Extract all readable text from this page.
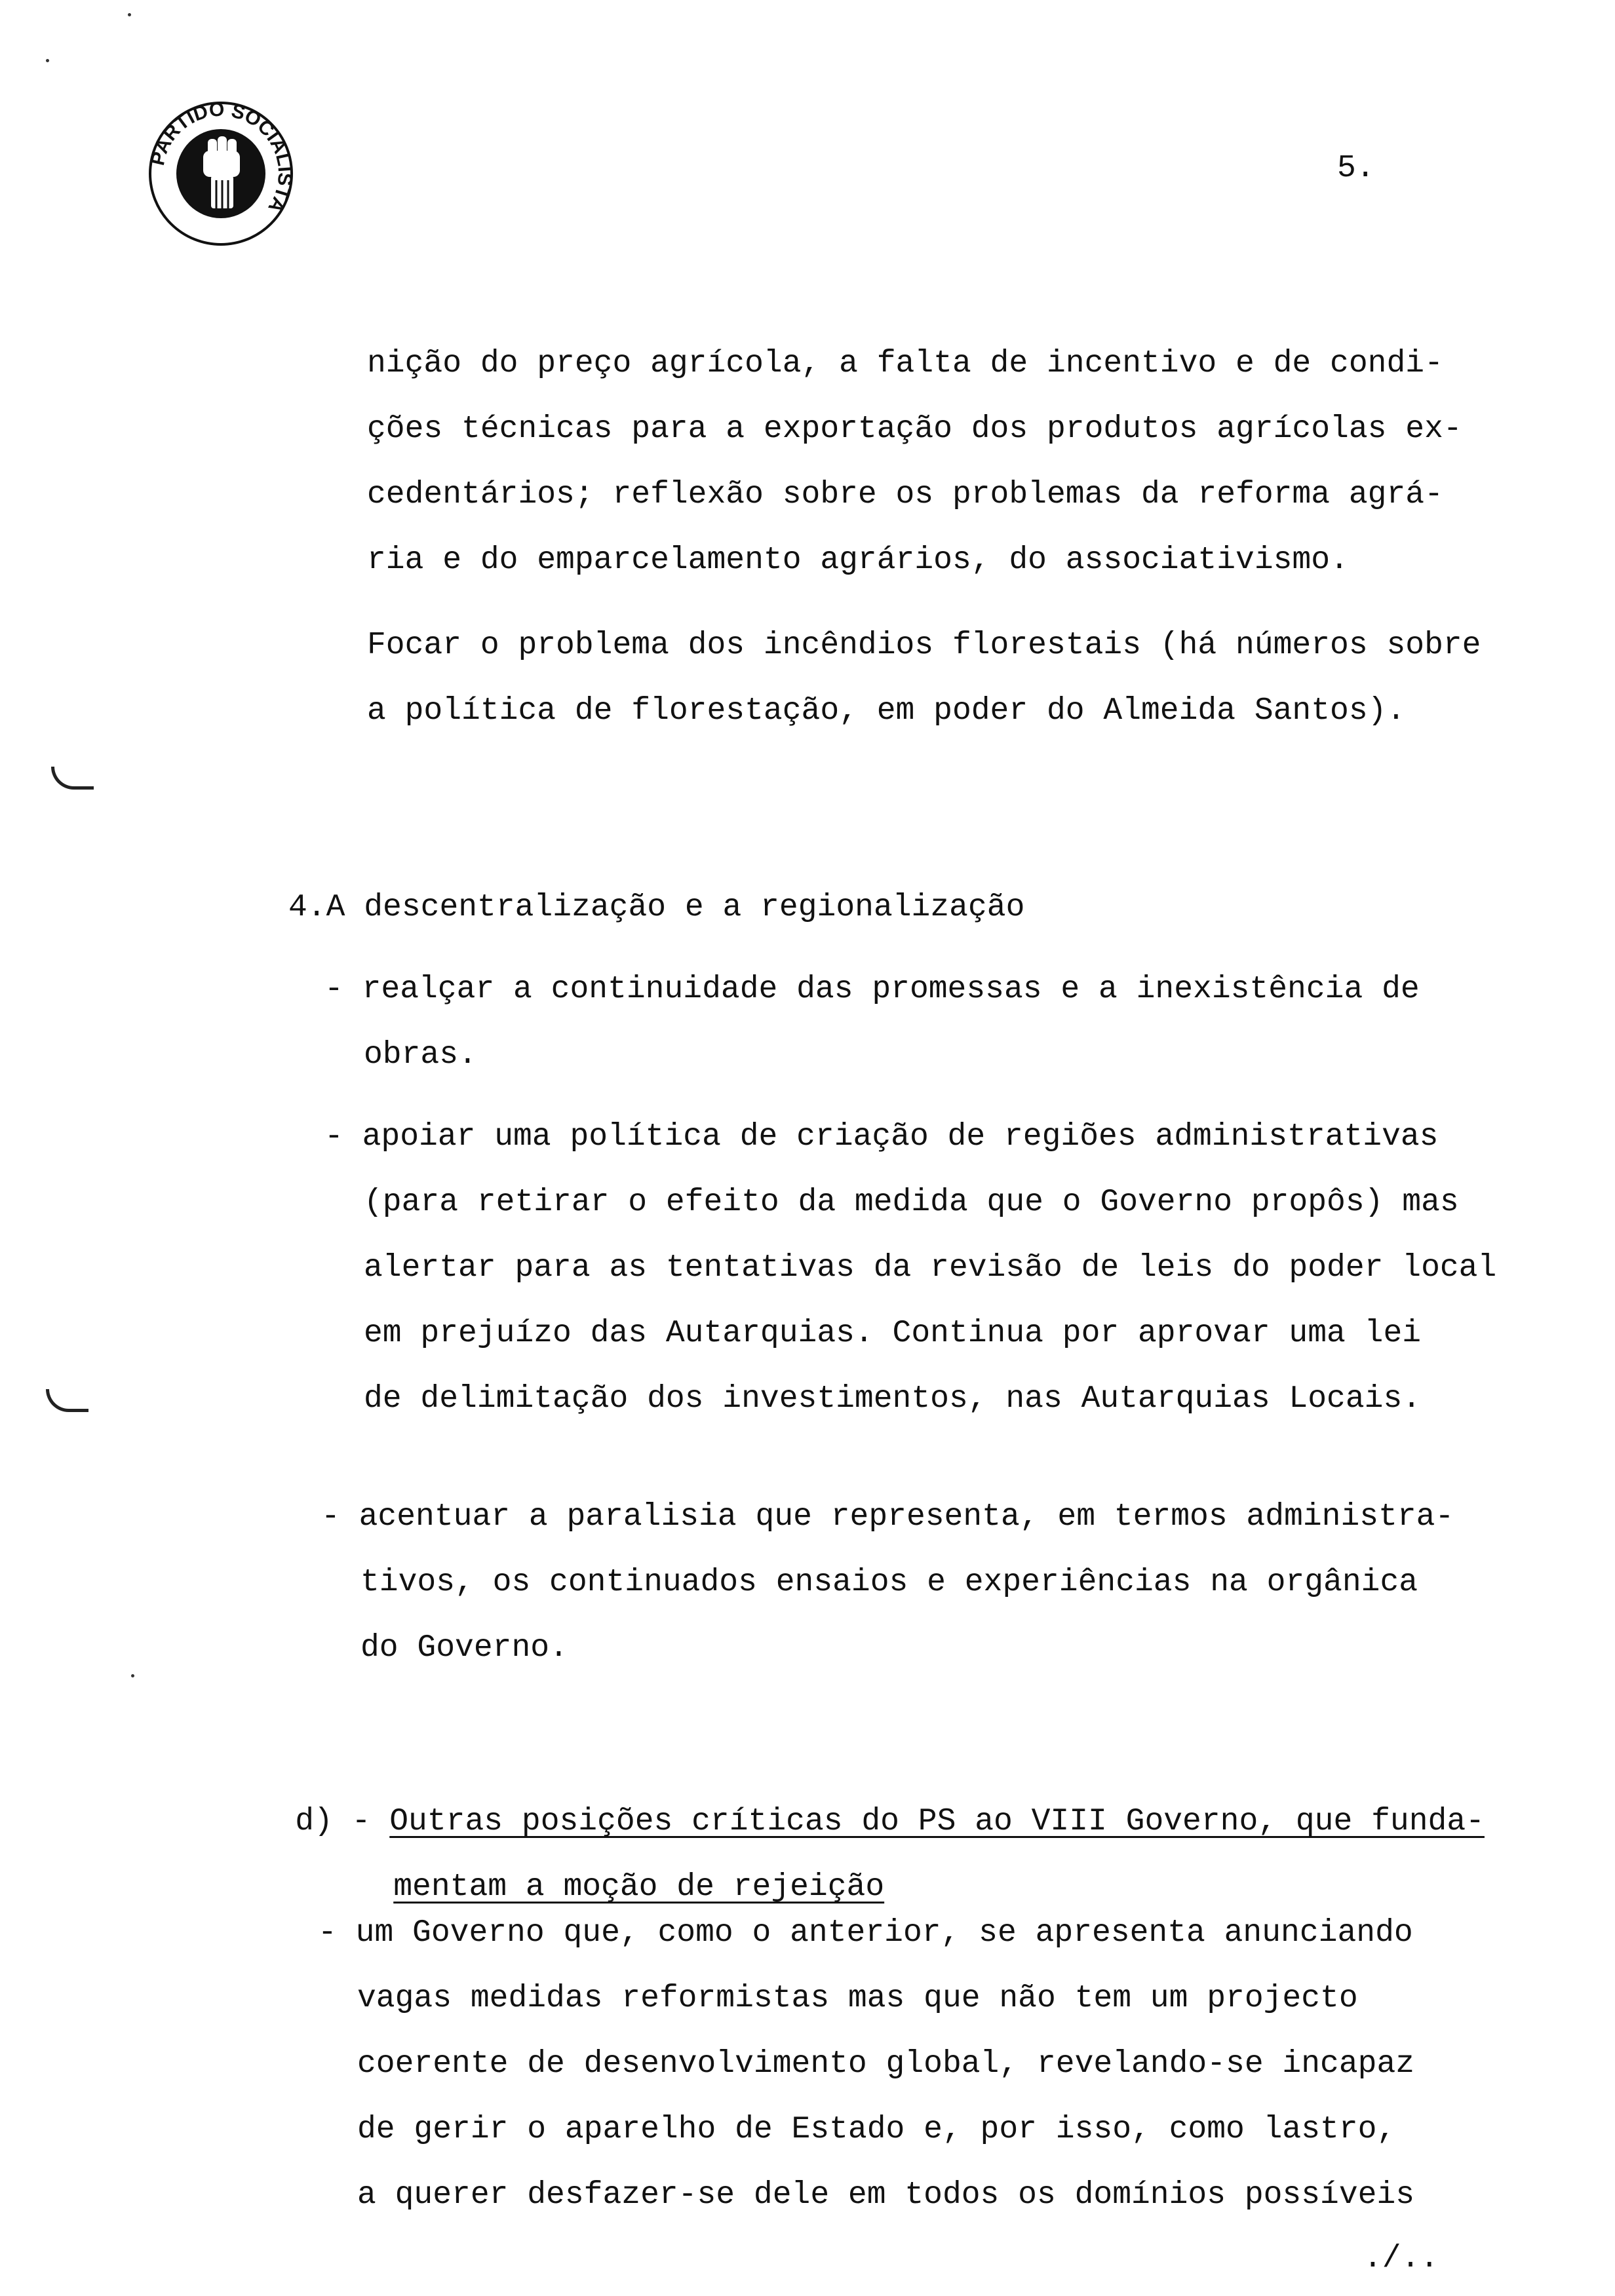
PARTIDO SOCIALISTA
5.
nição do preço agrícola, a falta de incentivo e de condi-
ções técnicas para a exportação dos produtos agrícolas ex-
cedentários; reflexão sobre os problemas da reforma agrá-
ria e do emparcelamento agrários, do associativismo.
Focar o problema dos incêndios florestais (há números sobre
a política de florestação, em poder do Almeida Santos).
4.A descentralização e a regionalização
- realçar a continuidade das promessas e a inexistência de
obras.
- apoiar uma política de criação de regiões administrativas
(para retirar o efeito da medida que o Governo propôs) mas
alertar para as tentativas da revisão de leis do poder local
em prejuízo das Autarquias. Continua por aprovar uma lei
de delimitação dos investimentos, nas Autarquias Locais.
- acentuar a paralisia que representa, em termos administra-
tivos, os continuados ensaios e experiências na orgânica
do Governo.

d) - Outras posições críticas do PS ao VIII Governo, que funda-

mentam a moção de rejeição

- um Governo que, como o anterior, se apresenta anunciando
vagas medidas reformistas mas que não tem um projecto
coerente de desenvolvimento global, revelando-se incapaz
de gerir o aparelho de Estado e, por isso, como lastro,
a querer desfazer-se dele em todos os domínios possíveis
./..
